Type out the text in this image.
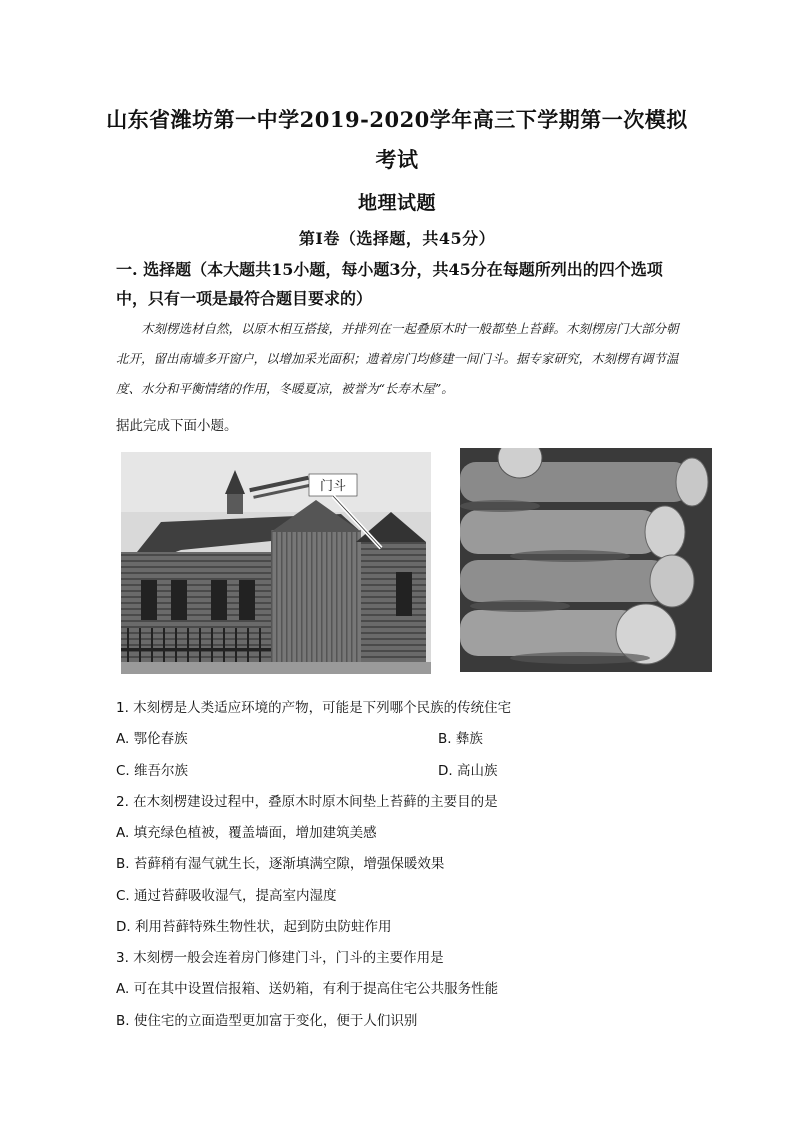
山东省潍坊第一中学2019-2020学年高三下学期第一次模拟
考试
地理试题
第Ⅰ卷（选择题，共45分）
一. 选择题（本大题共15小题，每小题3分，共45分在每题所列出的四个选项中，只有一项是最符合题目要求的）
木刻楞选材自然，以原木相互搭接，并排列在一起叠原木时一般都垫上苔藓。木刻楞房门大部分朝北开，留出南墙多开窗户，以增加采光面积；遗着房门均修建一间门斗。据专家研究，木刻楞有调节温度、水分和平衡情绪的作用，冬暖夏凉，被誉为“长寿木屋”。
据此完成下面小题。
门斗
1. 木刻楞是人类适应环境的产物，可能是下列哪个民族的传统住宅
A. 鄂伦春族	B. 彝族
C. 维吾尔族	D. 高山族
2. 在木刻楞建设过程中，叠原木时原木间垫上苔藓的主要目的是
A. 填充绿色植被，覆盖墙面，增加建筑美感
B. 苔藓稍有湿气就生长，逐渐填满空隙，增强保暖效果
C. 通过苔藓吸收湿气，提高室内湿度
D. 利用苔藓特殊生物性状，起到防虫防蛀作用
3. 木刻楞一般会连着房门修建门斗，门斗的主要作用是
A. 可在其中设置信报箱、送奶箱，有利于提高住宅公共服务性能
B. 使住宅的立面造型更加富于变化，便于人们识别
